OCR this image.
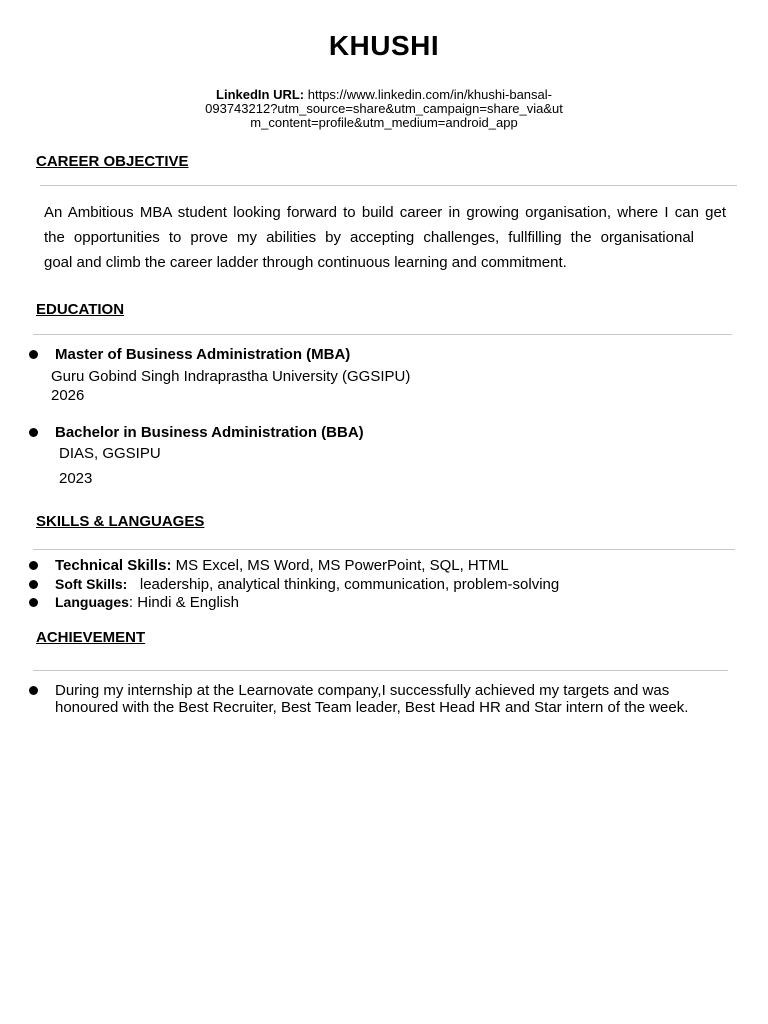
KHUSHI
LinkedIn URL: https://www.linkedin.com/in/khushi-bansal-
093743212?utm_source=share&utm_campaign=share_via&ut
m_content=profile&utm_medium=android_app
CAREER OBJECTIVE
An Ambitious MBA student looking forward to build career in growing organisation, where I can get
the opportunities to prove my abilities by accepting challenges, fullfilling the organisational
goal and climb the career ladder through continuous learning and commitment.
EDUCATION
Master of Business Administration (MBA)
Guru Gobind Singh Indraprastha University (GGSIPU)
2026
Bachelor in Business Administration (BBA)
DIAS, GGSIPU
2023
SKILLS & LANGUAGES
Technical Skills: MS Excel, MS Word, MS PowerPoint, SQL, HTML
Soft Skills:   leadership, analytical thinking, communication, problem-solving
Languages: Hindi & English
ACHIEVEMENT
During my internship at the Learnovate company,I successfully achieved my targets and was
honoured with the Best Recruiter, Best Team leader, Best Head HR and Star intern of the week.
